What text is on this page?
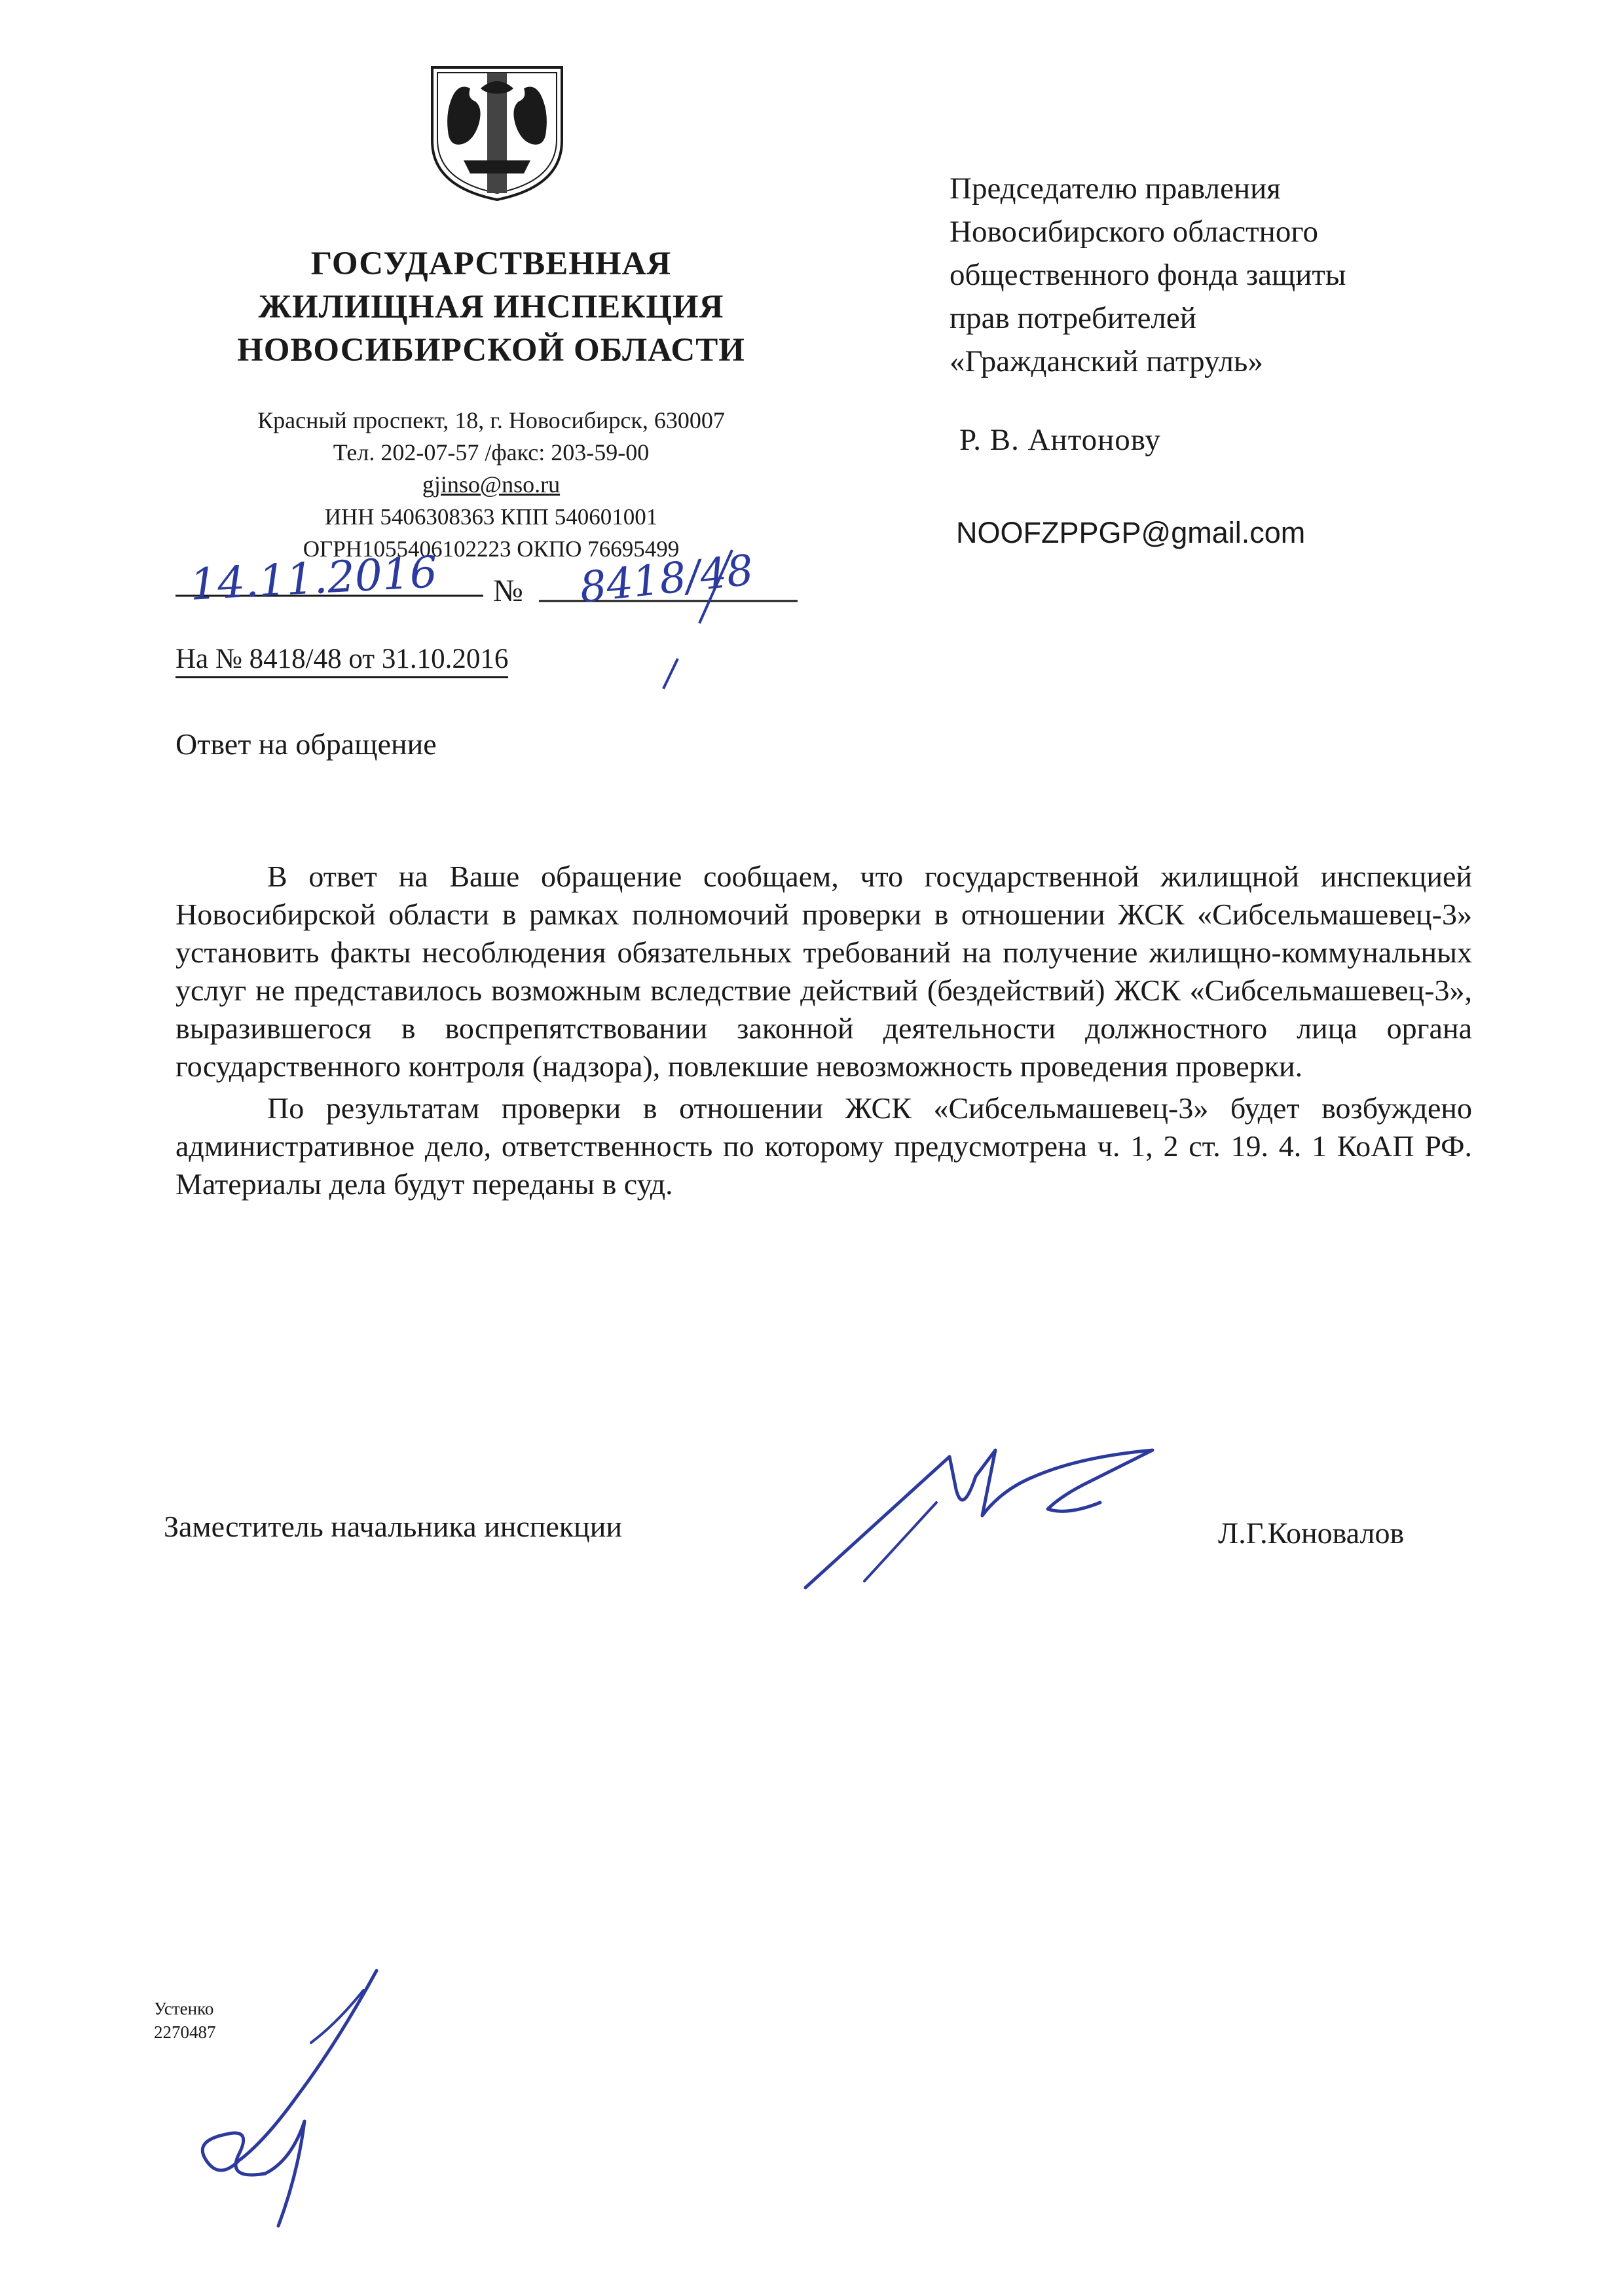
ГОСУДАРСТВЕННАЯ
ЖИЛИЩНАЯ ИНСПЕКЦИЯ
НОВОСИБИРСКОЙ ОБЛАСТИ
Красный проспект, 18, г. Новосибирск, 630007
Тел. 202-07-57 /факс: 203-59-00
gjinso@nso.ru
ИНН 5406308363 КПП 540601001
ОГРН1055406102223 ОКПО 76695499
14.11.2016 № 8418/48
На № 8418/48 от 31.10.2016
Председателю правления
Новосибирского областного
общественного фонда защиты
прав потребителей
«Гражданский патруль»
Р. В. Антонову
NOOFZPPGP@gmail.com
Ответ на обращение

В ответ на Ваше обращение сообщаем, что государственной жилищной инспекцией Новосибирской области в рамках полномочий проверки в отношении ЖСК «Сибсельмашевец-3» установить факты несоблюдения обязательных требований на получение жилищно-коммунальных услуг не представилось возможным вследствие действий (бездействий) ЖСК «Сибсельмашевец-3», выразившегося в воспрепятствовании законной деятельности должностного лица органа государственного контроля (надзора), повлекшие невозможность проведения проверки.

По результатам проверки в отношении ЖСК «Сибсельмашевец-3» будет возбуждено административное дело, ответственность по которому предусмотрена ч. 1, 2 ст. 19. 4. 1 КоАП РФ. Материалы дела будут переданы в суд.

Заместитель начальника инспекции	Л.Г.Коновалов
Устенко
2270487
